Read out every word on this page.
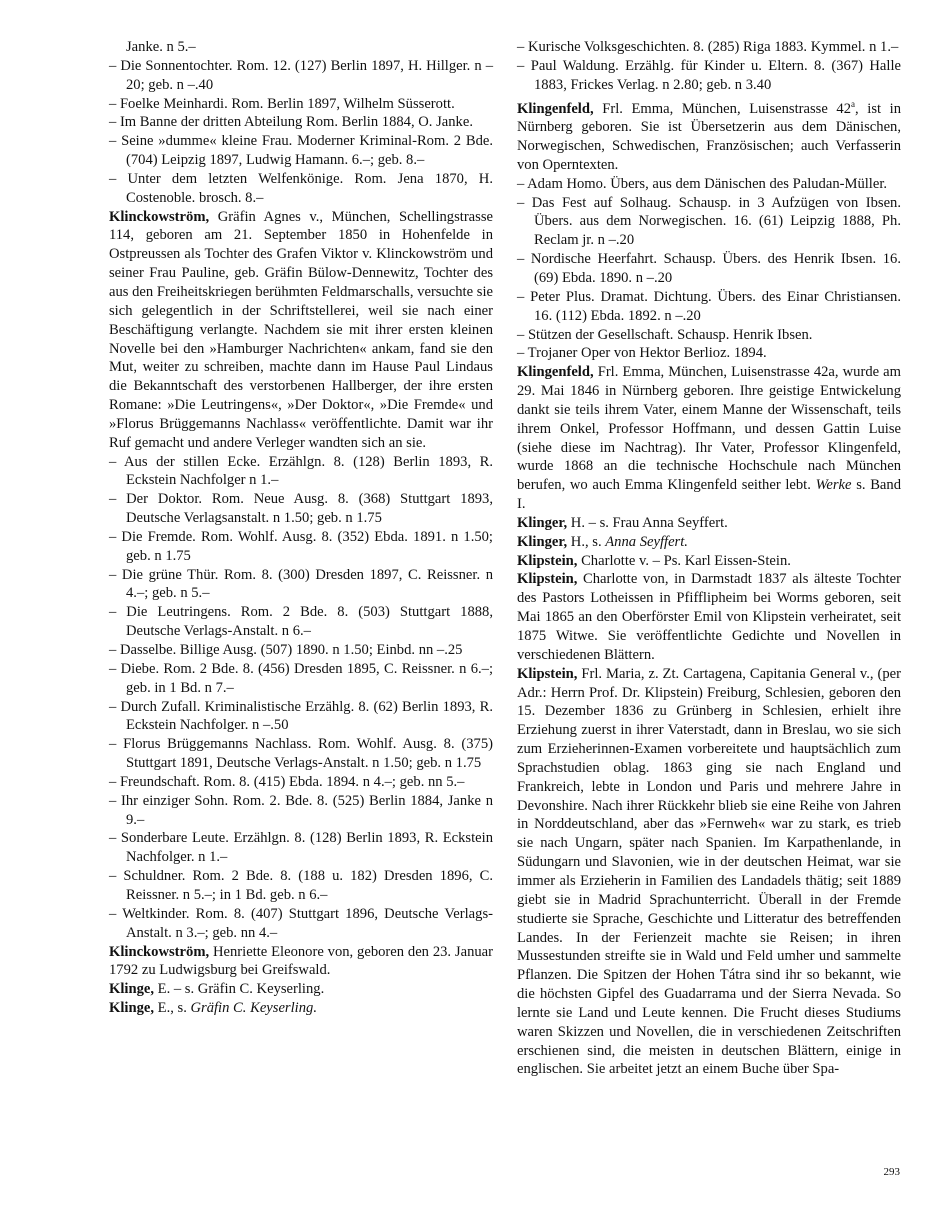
Janke. n 5.–

– Die Sonnentochter. Rom. 12. (127) Berlin 1897, H. Hillger. n – 20; geb. n –.40

– Foelke Meinhardi. Rom. Berlin 1897, Wilhelm Süsserott.

– Im Banne der dritten Abteilung Rom. Berlin 1884, O. Janke.

– Seine »dumme« kleine Frau. Moderner Kriminal-Rom. 2 Bde. (704) Leipzig 1897, Ludwig Hamann. 6.–; geb. 8.–

– Unter dem letzten Welfenkönige. Rom. Jena 1870, H. Costenoble. brosch. 8.–

Klinckowström, Gräfin Agnes v., München, Schellingstrasse 114, geboren am 21. September 1850 in Hohenfelde in Ostpreussen als Tochter des Grafen Viktor v. Klinckowström und seiner Frau Pauline, geb. Gräfin Bülow-Dennewitz, Tochter des aus den Freiheitskriegen berühmten Feldmarschalls, versuchte sie sich gelegentlich in der Schriftstellerei, weil sie nach einer Beschäftigung verlangte. Nachdem sie mit ihrer ersten kleinen Novelle bei den »Hamburger Nachrichten« ankam, fand sie den Mut, weiter zu schreiben, machte dann im Hause Paul Lindaus die Bekanntschaft des verstorbenen Hallberger, der ihre ersten Romane: »Die Leutringens«, »Der Doktor«, »Die Fremde« und »Florus Brüggemanns Nachlass« veröffentlichte. Damit war ihr Ruf gemacht und andere Verleger wandten sich an sie.

– Aus der stillen Ecke. Erzählgn. 8. (128) Berlin 1893, R. Eckstein Nachfolger n 1.–

– Der Doktor. Rom. Neue Ausg. 8. (368) Stuttgart 1893, Deutsche Verlagsanstalt. n 1.50; geb. n 1.75

– Die Fremde. Rom. Wohlf. Ausg. 8. (352) Ebda. 1891. n 1.50; geb. n 1.75

– Die grüne Thür. Rom. 8. (300) Dresden 1897, C. Reissner. n 4.–; geb. n 5.–

– Die Leutringens. Rom. 2 Bde. 8. (503) Stuttgart 1888, Deutsche Verlags-Anstalt. n 6.–

– Dasselbe. Billige Ausg. (507) 1890. n 1.50; Einbd. nn –.25

– Diebe. Rom. 2 Bde. 8. (456) Dresden 1895, C. Reissner. n 6.–; geb. in 1 Bd. n 7.–

– Durch Zufall. Kriminalistische Erzählg. 8. (62) Berlin 1893, R. Eckstein Nachfolger. n –.50

– Florus Brüggemanns Nachlass. Rom. Wohlf. Ausg. 8. (375) Stuttgart 1891, Deutsche Verlags-Anstalt. n 1.50; geb. n 1.75

– Freundschaft. Rom. 8. (415) Ebda. 1894. n 4.–; geb. nn 5.–

– Ihr einziger Sohn. Rom. 2. Bde. 8. (525) Berlin 1884, Janke n 9.–

– Sonderbare Leute. Erzählgn. 8. (128) Berlin 1893, R. Eckstein Nachfolger. n 1.–

– Schuldner. Rom. 2 Bde. 8. (188 u. 182) Dresden 1896, C. Reissner. n 5.–; in 1 Bd. geb. n 6.–

– Weltkinder. Rom. 8. (407) Stuttgart 1896, Deutsche Verlags-Anstalt. n 3.–; geb. nn 4.–

Klinckowström, Henriette Eleonore von, geboren den 23. Januar 1792 zu Ludwigsburg bei Greifswald.

Klinge, E. – s. Gräfin C. Keyserling.

Klinge, E., s. Gräfin C. Keyserling.

– Kurische Volksgeschichten. 8. (285) Riga 1883. Kymmel. n 1.–

– Paul Waldung. Erzählg. für Kinder u. Eltern. 8. (367) Halle 1883, Frickes Verlag. n 2.80; geb. n 3.40

Klingenfeld, Frl. Emma, München, Luisenstrasse 42$^a$, ist in Nürnberg geboren. Sie ist Übersetzerin aus dem Dänischen, Norwegischen, Schwedischen, Französischen; auch Verfasserin von Operntexten.

– Adam Homo. Übers, aus dem Dänischen des Paludan-Müller.

– Das Fest auf Solhaug. Schausp. in 3 Aufzügen von Ibsen. Übers. aus dem Norwegischen. 16. (61) Leipzig 1888, Ph. Reclam jr. n –.20

– Nordische Heerfahrt. Schausp. Übers. des Henrik Ibsen. 16. (69) Ebda. 1890. n –.20

– Peter Plus. Dramat. Dichtung. Übers. des Einar Christiansen. 16. (112) Ebda. 1892. n –.20

– Stützen der Gesellschaft. Schausp. Henrik Ibsen.

– Trojaner Oper von Hektor Berlioz. 1894.

Klingenfeld, Frl. Emma, München, Luisenstrasse 42a, wurde am 29. Mai 1846 in Nürnberg geboren. Ihre geistige Entwickelung dankt sie teils ihrem Vater, einem Manne der Wissenschaft, teils ihrem Onkel, Professor Hoffmann, und dessen Gattin Luise (siehe diese im Nachtrag). Ihr Vater, Professor Klingenfeld, wurde 1868 an die technische Hochschule nach München berufen, wo auch Emma Klingenfeld seither lebt. Werke s. Band I.

Klinger, H. – s. Frau Anna Seyffert.

Klinger, H., s. Anna Seyffert.

Klipstein, Charlotte v. – Ps. Karl Eissen-Stein.

Klipstein, Charlotte von, in Darmstadt 1837 als älteste Tochter des Pastors Lotheissen in Pfifflipheim bei Worms geboren, seit Mai 1865 an den Oberförster Emil von Klipstein verheiratet, seit 1875 Witwe. Sie veröffentlichte Gedichte und Novellen in verschiedenen Blättern.

Klipstein, Frl. Maria, z. Zt. Cartagena, Capitania General v., (per Adr.: Herrn Prof. Dr. Klipstein) Freiburg, Schlesien, geboren den 15. Dezember 1836 zu Grünberg in Schlesien, erhielt ihre Erziehung zuerst in ihrer Vaterstadt, dann in Breslau, wo sie sich zum Erzieherinnen-Examen vorbereitete und hauptsächlich zum Sprachstudien oblag. 1863 ging sie nach England und Frankreich, lebte in London und Paris und mehrere Jahre in Devonshire. Nach ihrer Rückkehr blieb sie eine Reihe von Jahren in Norddeutschland, aber das »Fernweh« war zu stark, es trieb sie nach Ungarn, später nach Spanien. Im Karpathenlande, in Südungarn und Slavonien, wie in der deutschen Heimat, war sie immer als Erzieherin in Familien des Landadels thätig; seit 1889 giebt sie in Madrid Sprachunterricht. Überall in der Fremde studierte sie Sprache, Geschichte und Litteratur des betreffenden Landes. In der Ferienzeit machte sie Reisen; in ihren Mussestunden streifte sie in Wald und Feld umher und sammelte Pflanzen. Die Spitzen der Hohen Tátra sind ihr so bekannt, wie die höchsten Gipfel des Guadarrama und der Sierra Nevada. So lernte sie Land und Leute kennen. Die Frucht dieses Studiums waren Skizzen und Novellen, die in verschiedenen Zeitschriften erschienen sind, die meisten in deutschen Blättern, einige in englischen. Sie arbeitet jetzt an einem Buche über Spa-

293
